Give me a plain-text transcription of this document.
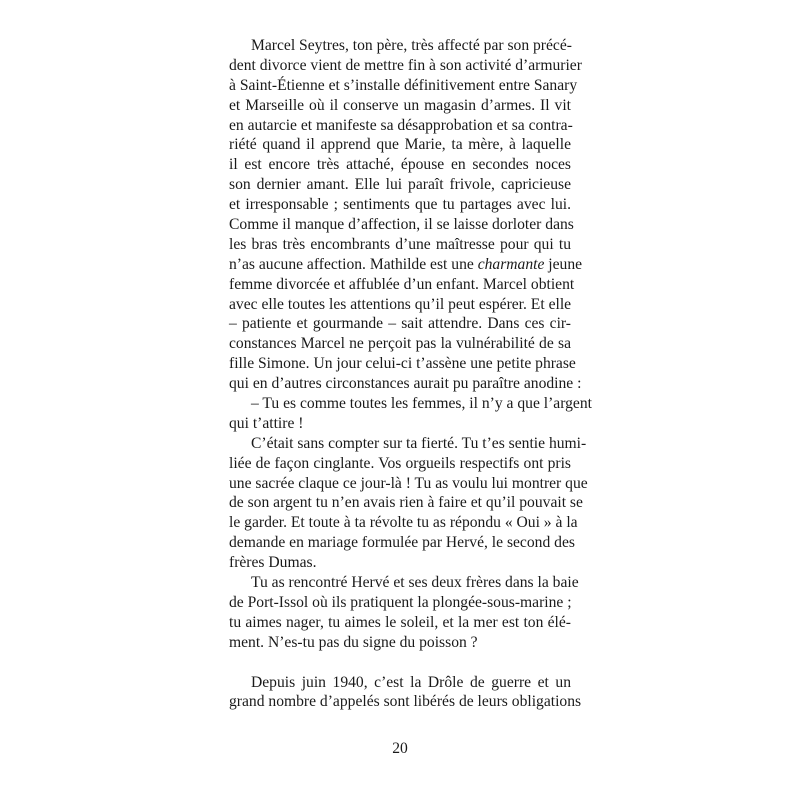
Marcel Seytres, ton père, très affecté par son précé-
dent divorce vient de mettre fin à son activité d’armurier
à Saint-Étienne et s’installe définitivement entre Sanary
et Marseille où il conserve un magasin d’armes. Il vit
en autarcie et manifeste sa désapprobation et sa contra-
riété quand il apprend que Marie, ta mère, à laquelle
il est encore très attaché, épouse en secondes noces
son dernier amant. Elle lui paraît frivole, capricieuse
et irresponsable ; sentiments que tu partages avec lui.
Comme il manque d’affection, il se laisse dorloter dans
les bras très encombrants d’une maîtresse pour qui tu
n’as aucune affection. Mathilde est une charmante jeune
femme divorcée et affublée d’un enfant. Marcel obtient
avec elle toutes les attentions qu’il peut espérer. Et elle
– patiente et gourmande – sait attendre. Dans ces cir-
constances Marcel ne perçoit pas la vulnérabilité de sa
fille Simone. Un jour celui-ci t’assène une petite phrase
qui en d’autres circonstances aurait pu paraître anodine :
– Tu es comme toutes les femmes, il n’y a que l’argent
qui t’attire !
C’était sans compter sur ta fierté. Tu t’es sentie humi-
liée de façon cinglante. Vos orgueils respectifs ont pris
une sacrée claque ce jour-là ! Tu as voulu lui montrer que
de son argent tu n’en avais rien à faire et qu’il pouvait se
le garder. Et toute à ta révolte tu as répondu « Oui » à la
demande en mariage formulée par Hervé, le second des
frères Dumas.
Tu as rencontré Hervé et ses deux frères dans la baie
de Port-Issol où ils pratiquent la plongée-sous-marine ;
tu aimes nager, tu aimes le soleil, et la mer est ton élé-
ment. N’es-tu pas du signe du poisson ?
Depuis juin 1940, c’est la Drôle de guerre et un
grand nombre d’appelés sont libérés de leurs obligations
20
